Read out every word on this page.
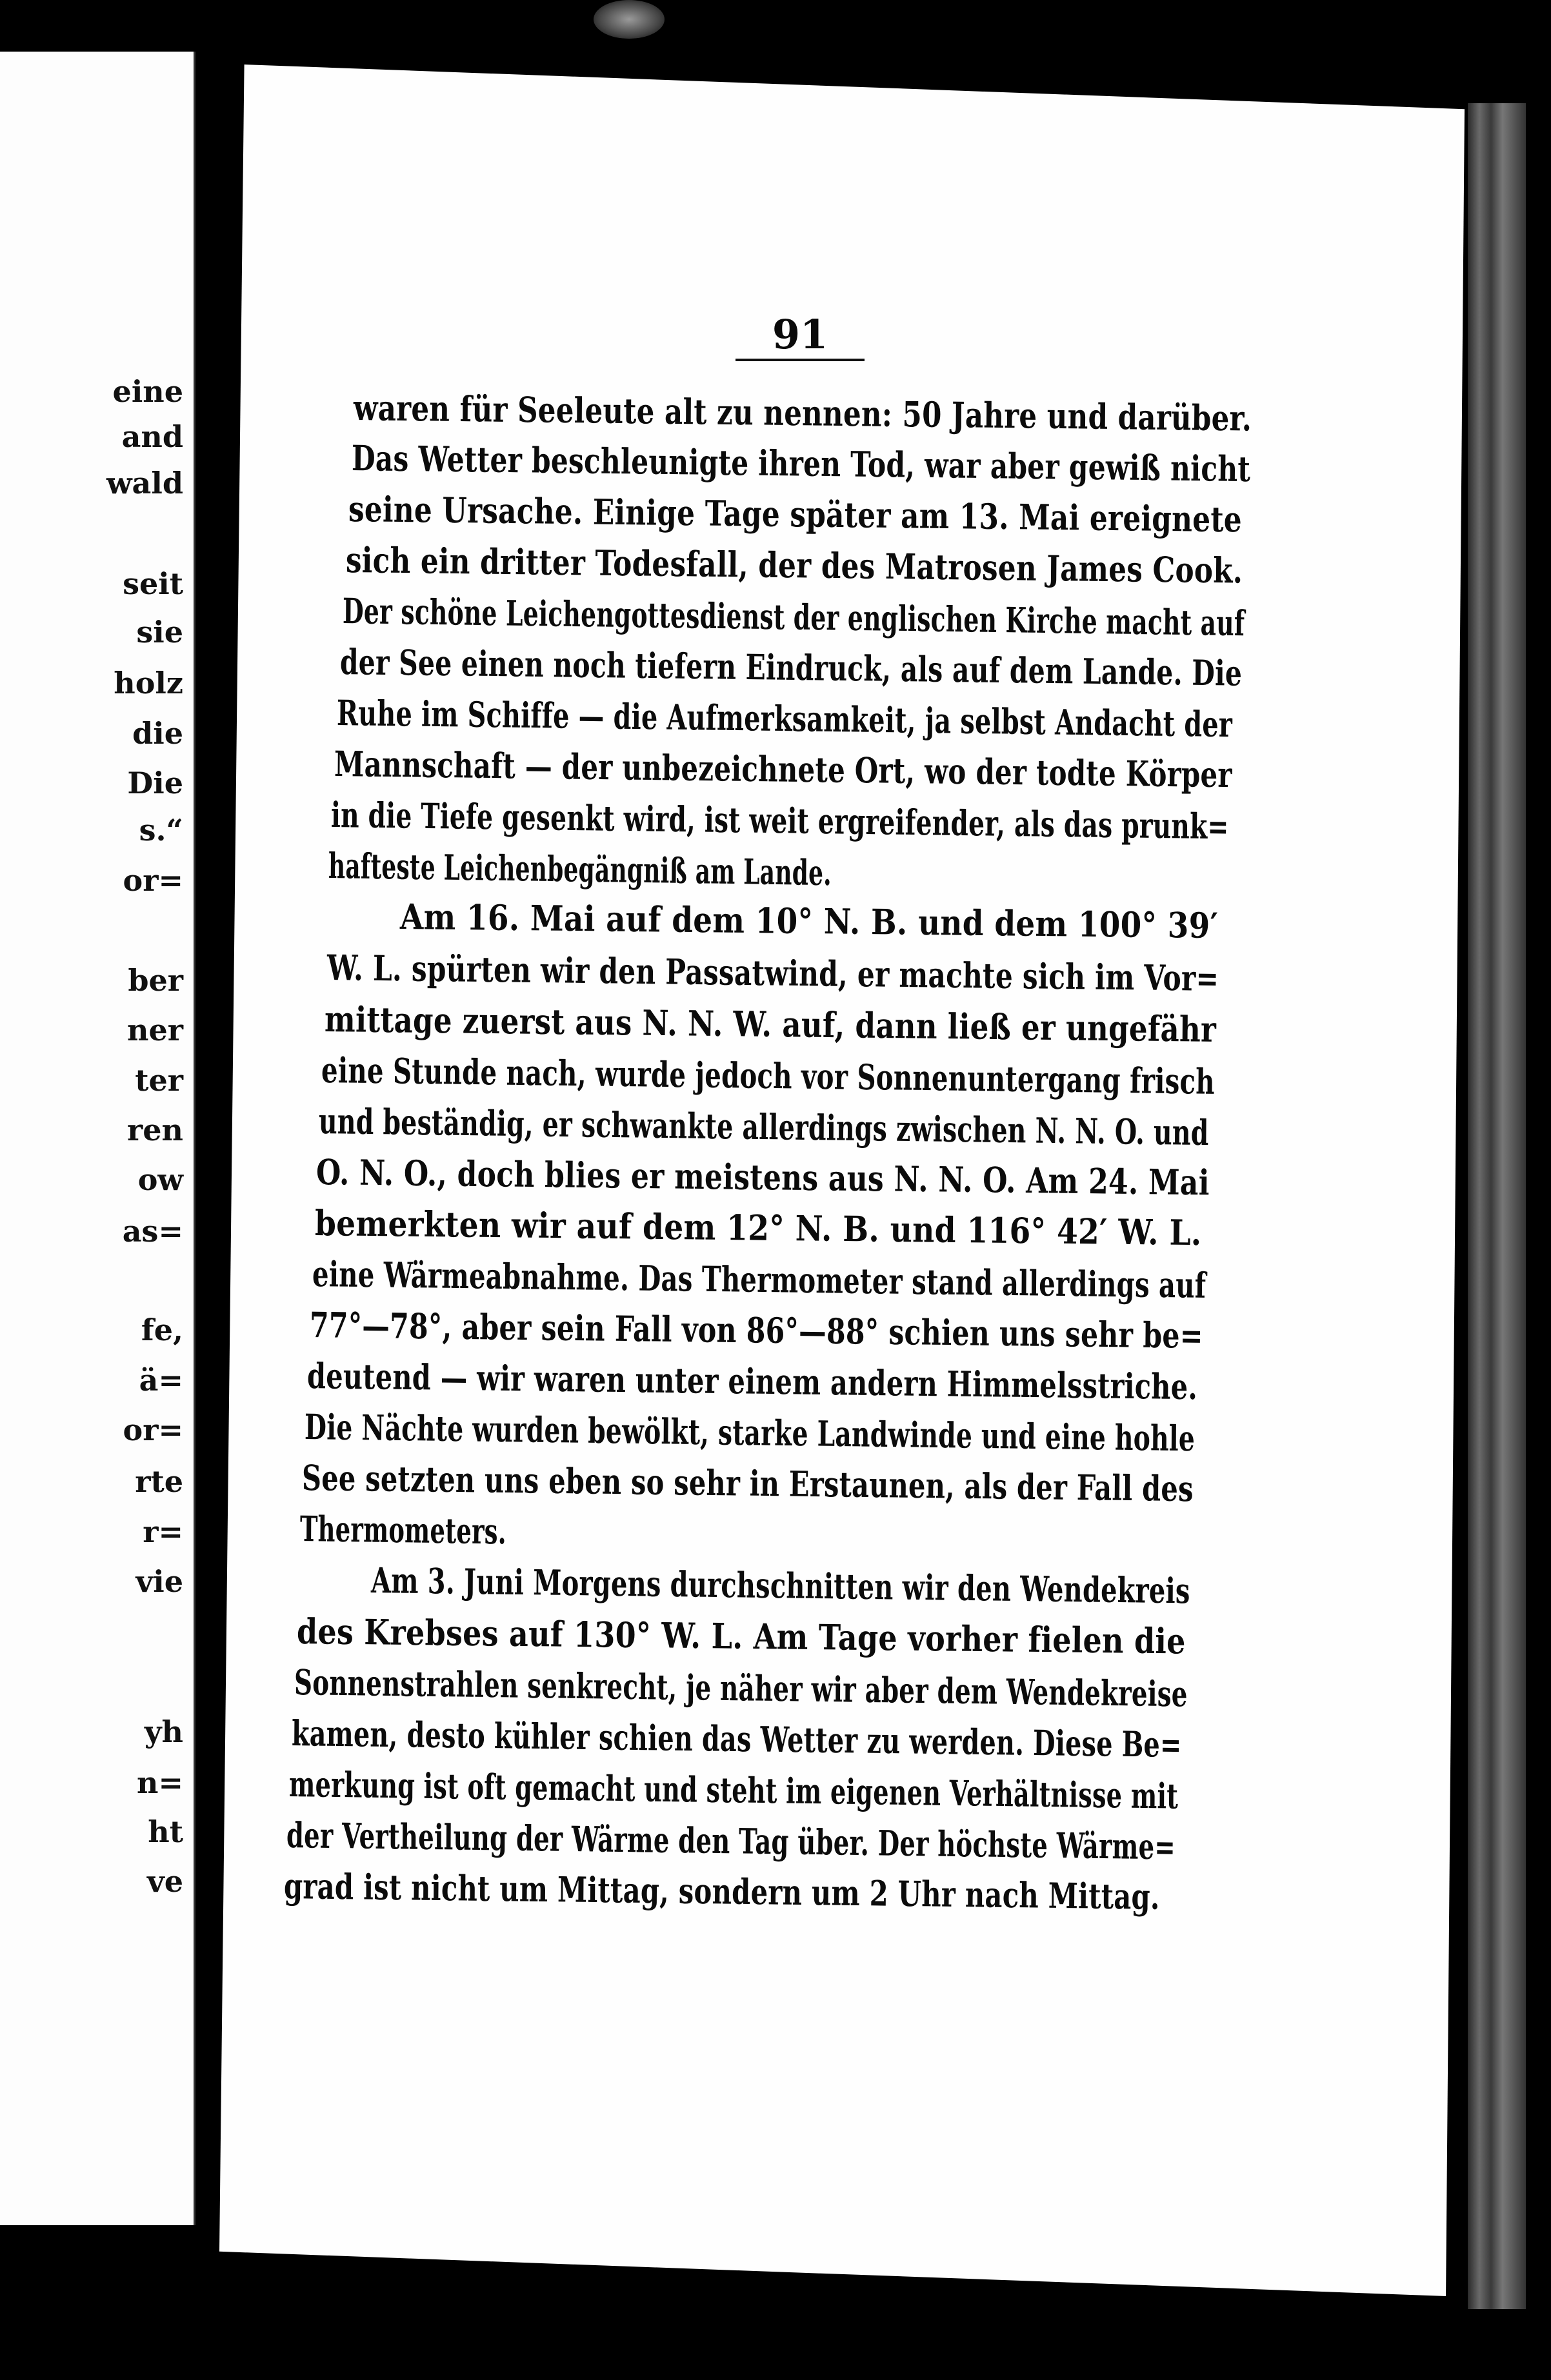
eine
and
wald
seit
sie
holz
die
Die
s.“
or=
ber
ner
ter
ren
ow
as=
fe,
ä=
or=
rte
r=
vie
yh
n=
ht
ve
91
waren für Seeleute alt zu nennen: 50 Jahre und darüber.
Das Wetter beschleunigte ihren Tod, war aber gewiß nicht
seine Ursache. Einige Tage später am 13. Mai ereignete
sich ein dritter Todesfall, der des Matrosen James Cook.
Der schöne Leichengottesdienst der englischen Kirche macht auf
der See einen noch tiefern Eindruck, als auf dem Lande. Die
Ruhe im Schiffe — die Aufmerksamkeit, ja selbst Andacht der
Mannschaft — der unbezeichnete Ort, wo der todte Körper
in die Tiefe gesenkt wird, ist weit ergreifender, als das prunk=
hafteste Leichenbegängniß am Lande.
Am 16. Mai auf dem 10° N. B. und dem 100° 39′
W. L. spürten wir den Passatwind, er machte sich im Vor=
mittage zuerst aus N. N. W. auf, dann ließ er ungefähr
eine Stunde nach, wurde jedoch vor Sonnenuntergang frisch
und beständig, er schwankte allerdings zwischen N. N. O. und
O. N. O., doch blies er meistens aus N. N. O. Am 24. Mai
bemerkten wir auf dem 12° N. B. und 116° 42′ W. L.
eine Wärmeabnahme. Das Thermometer stand allerdings auf
77°—78°, aber sein Fall von 86°—88° schien uns sehr be=
deutend — wir waren unter einem andern Himmelsstriche.
Die Nächte wurden bewölkt, starke Landwinde und eine hohle
See setzten uns eben so sehr in Erstaunen, als der Fall des
Thermometers.
Am 3. Juni Morgens durchschnitten wir den Wendekreis
des Krebses auf 130° W. L. Am Tage vorher fielen die
Sonnenstrahlen senkrecht, je näher wir aber dem Wendekreise
kamen, desto kühler schien das Wetter zu werden. Diese Be=
merkung ist oft gemacht und steht im eigenen Verhältnisse mit
der Vertheilung der Wärme den Tag über. Der höchste Wärme=
grad ist nicht um Mittag, sondern um 2 Uhr nach Mittag.
